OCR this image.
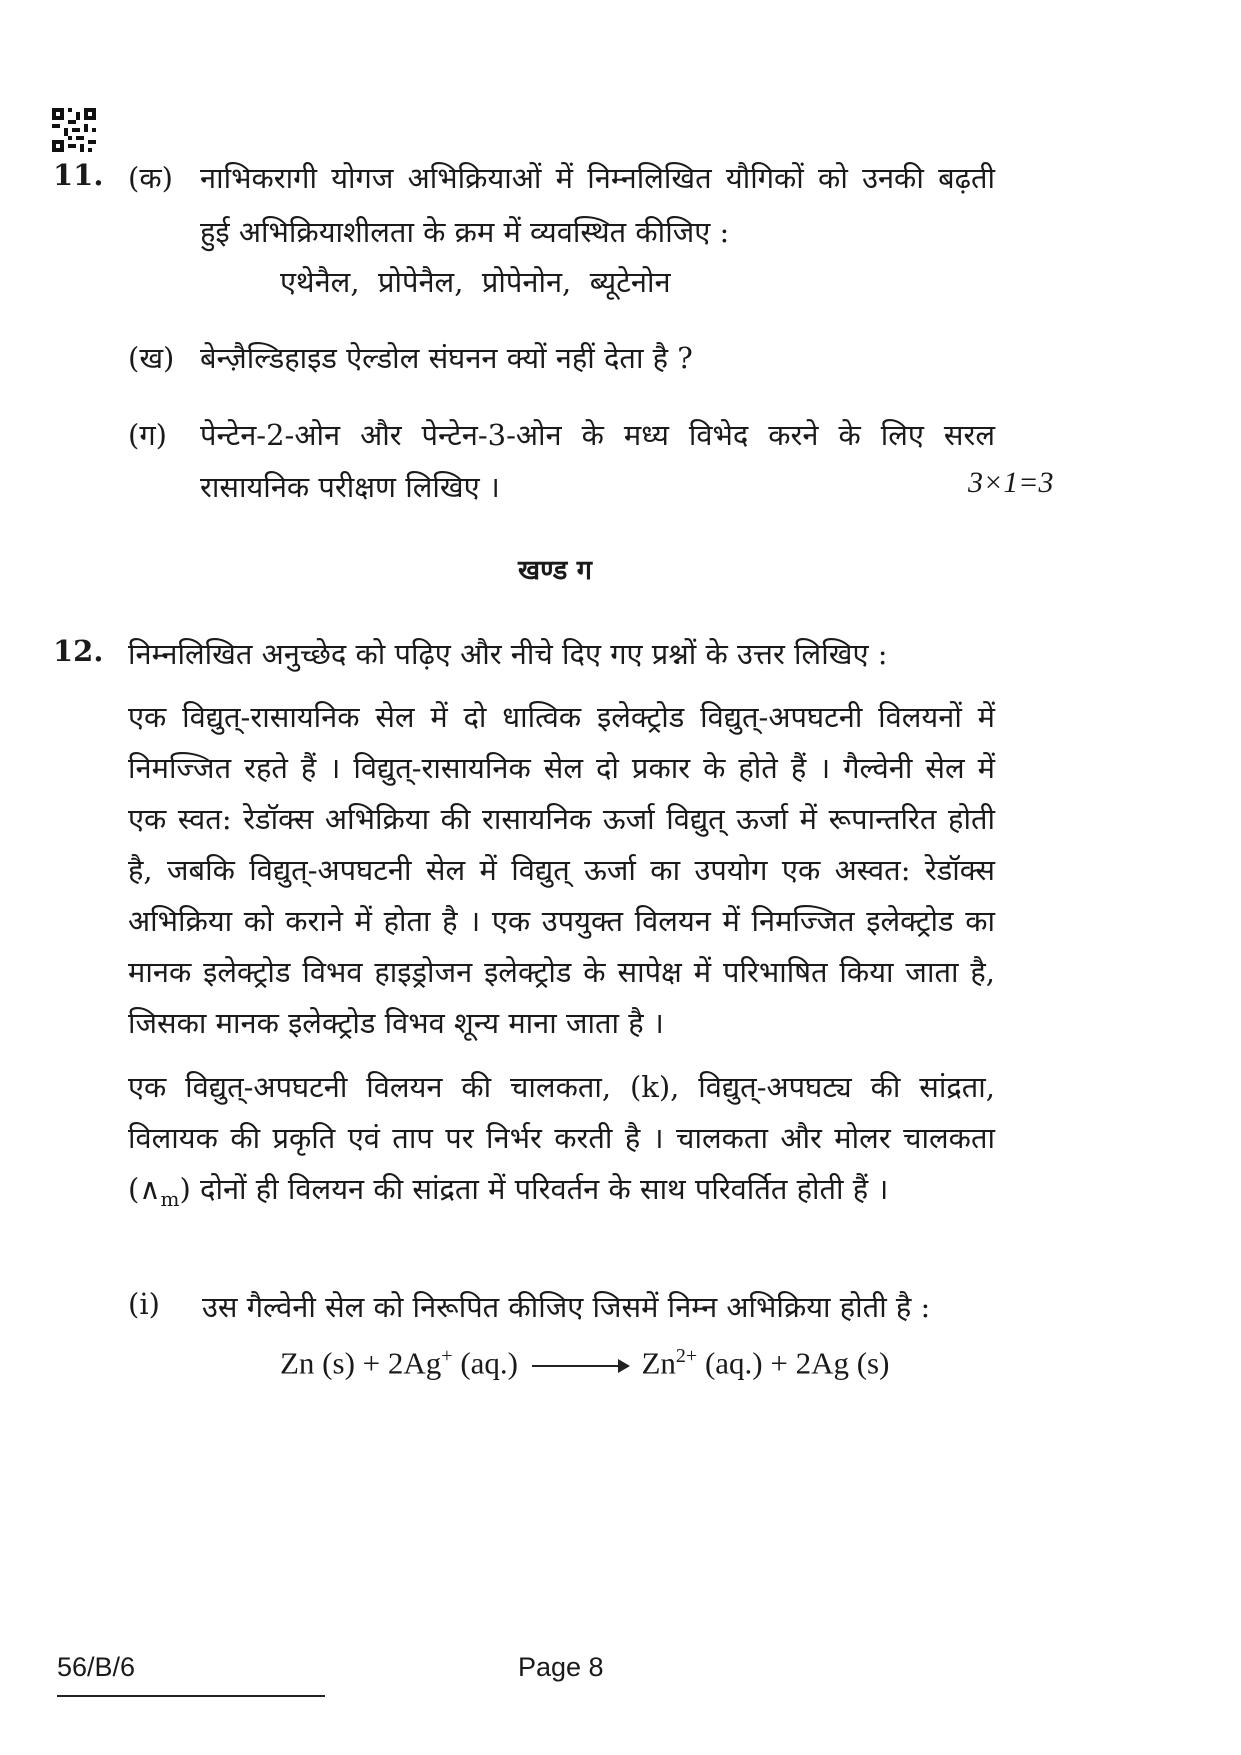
11. (क) नाभिकरागी योगज अभिक्रियाओं में निम्नलिखित यौगिकों को उनकी बढ़ती
हुई अभिक्रियाशीलता के क्रम में व्यवस्थित कीजिए :
एथेनैल,  प्रोपेनैल,  प्रोपेनोन,  ब्यूटेनोन
(ख) बेन्ज़ैल्डिहाइड ऐल्डोल संघनन क्यों नहीं देता है ?
(ग) पेन्टेन-2-ओन और पेन्टेन-3-ओन के मध्य विभेद करने के लिए सरल
रासायनिक परीक्षण लिखिए ।	3×1=3
खण्ड ग
12. निम्नलिखित अनुच्छेद को पढ़िए और नीचे दिए गए प्रश्नों के उत्तर लिखिए :
एक विद्युत्-रासायनिक सेल में दो धात्विक इलेक्ट्रोड विद्युत्-अपघटनी विलयनों में
निमज्जित रहते हैं । विद्युत्-रासायनिक सेल दो प्रकार के होते हैं । गैल्वेनी सेल में
एक स्वत: रेडॉक्स अभिक्रिया की रासायनिक ऊर्जा विद्युत् ऊर्जा में रूपान्तरित होती
है, जबकि विद्युत्-अपघटनी सेल में विद्युत् ऊर्जा का उपयोग एक अस्वत: रेडॉक्स
अभिक्रिया को कराने में होता है । एक उपयुक्त विलयन में निमज्जित इलेक्ट्रोड का
मानक इलेक्ट्रोड विभव हाइड्रोजन इलेक्ट्रोड के सापेक्ष में परिभाषित किया जाता है,
जिसका मानक इलेक्ट्रोड विभव शून्य माना जाता है ।
एक विद्युत्-अपघटनी विलयन की चालकता, (k), विद्युत्-अपघट्य की सांद्रता,
विलायक की प्रकृति एवं ताप पर निर्भर करती है । चालकता और मोलर चालकता
$(\wedge_m)$ दोनों ही विलयन की सांद्रता में परिवर्तन के साथ परिवर्तित होती हैं ।
(i) उस गैल्वेनी सेल को निरूपित कीजिए जिसमें निम्न अभिक्रिया होती है :
Zn (s) + 2Ag+ $(aq.) \to Zn^{2+}$ (aq.) + 2Ag (s)
56/B/6	Page 8
